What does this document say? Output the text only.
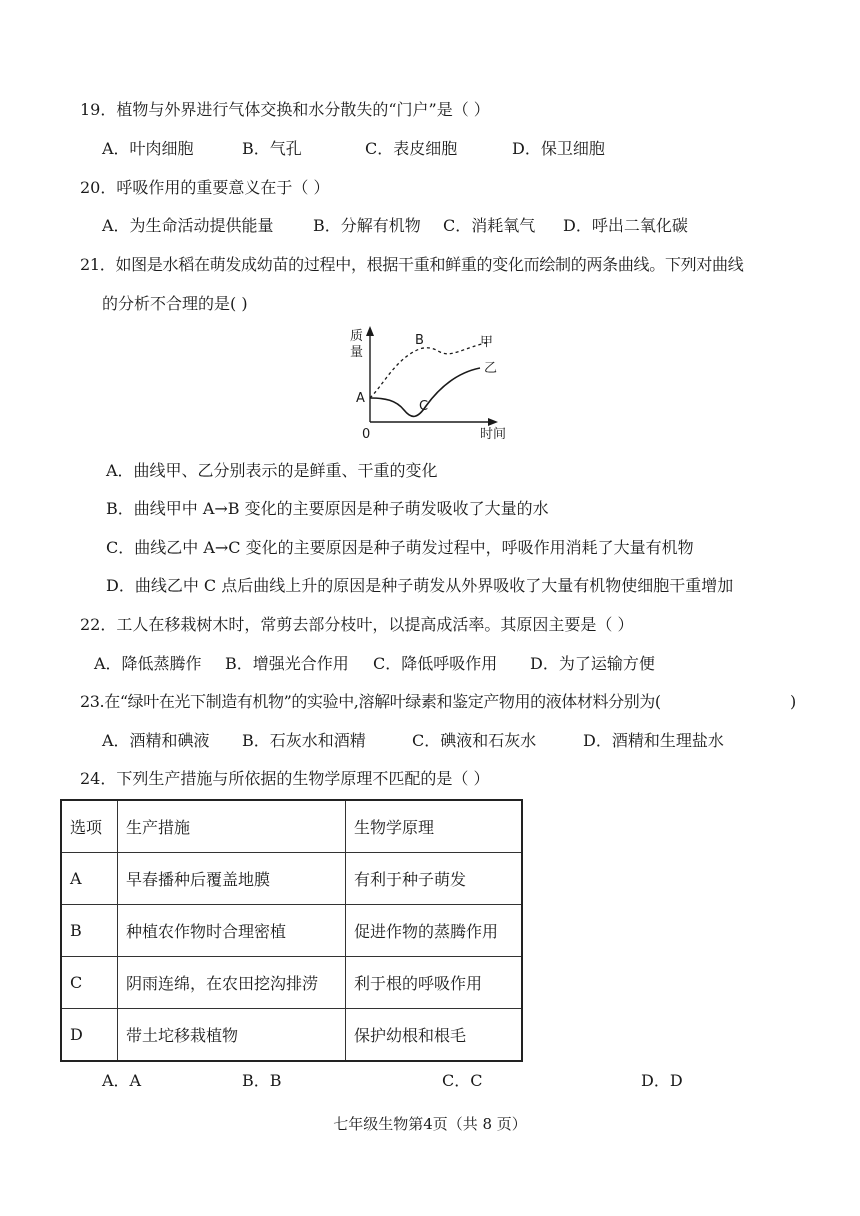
19．植物与外界进行气体交换和水分散失的“门户”是（ ）
A．叶肉细胞	B．气孔	C．表皮细胞	D．保卫细胞
20．呼吸作用的重要意义在于（ ）
A．为生命活动提供能量 B．分解有机物 C．消耗氧气 D．呼出二氧化碳
21．如图是水稻在萌发成幼苗的过程中，根据干重和鲜重的变化而绘制的两条曲线。下列对曲线
的分析不合理的是( )
质
量
时间
0
A
B
C
甲
乙
A．曲线甲、乙分别表示的是鲜重、干重的变化
B．曲线甲中 A→B 变化的主要原因是种子萌发吸收了大量的水
C．曲线乙中 A→C 变化的主要原因是种子萌发过程中，呼吸作用消耗了大量有机物
D．曲线乙中 C 点后曲线上升的原因是种子萌发从外界吸收了大量有机物使细胞干重增加
22．工人在移栽树木时，常剪去部分枝叶，以提高成活率。其原因主要是（ ）
A．降低蒸腾作 B．增强光合作用 C．降低呼吸作用 D．为了运输方便
23.在“绿叶在光下制造有机物”的实验中,溶解叶绿素和鉴定产物用的液体材料分别为(	)
A．酒精和碘液 B．石灰水和酒精	C．碘液和石灰水	D．酒精和生理盐水
24．下列生产措施与所依据的生物学原理不匹配的是（ ）
选项	生产措施	生物学原理
A	早春播种后覆盖地膜	有利于种子萌发
B	种植农作物时合理密植	促进作物的蒸腾作用
C	阴雨连绵，在农田挖沟排涝	利于根的呼吸作用
D	带土坨移栽植物	保护幼根和根毛
A．A	B．B	C．C	D．D
七年级生物第4页（共 8 页）
